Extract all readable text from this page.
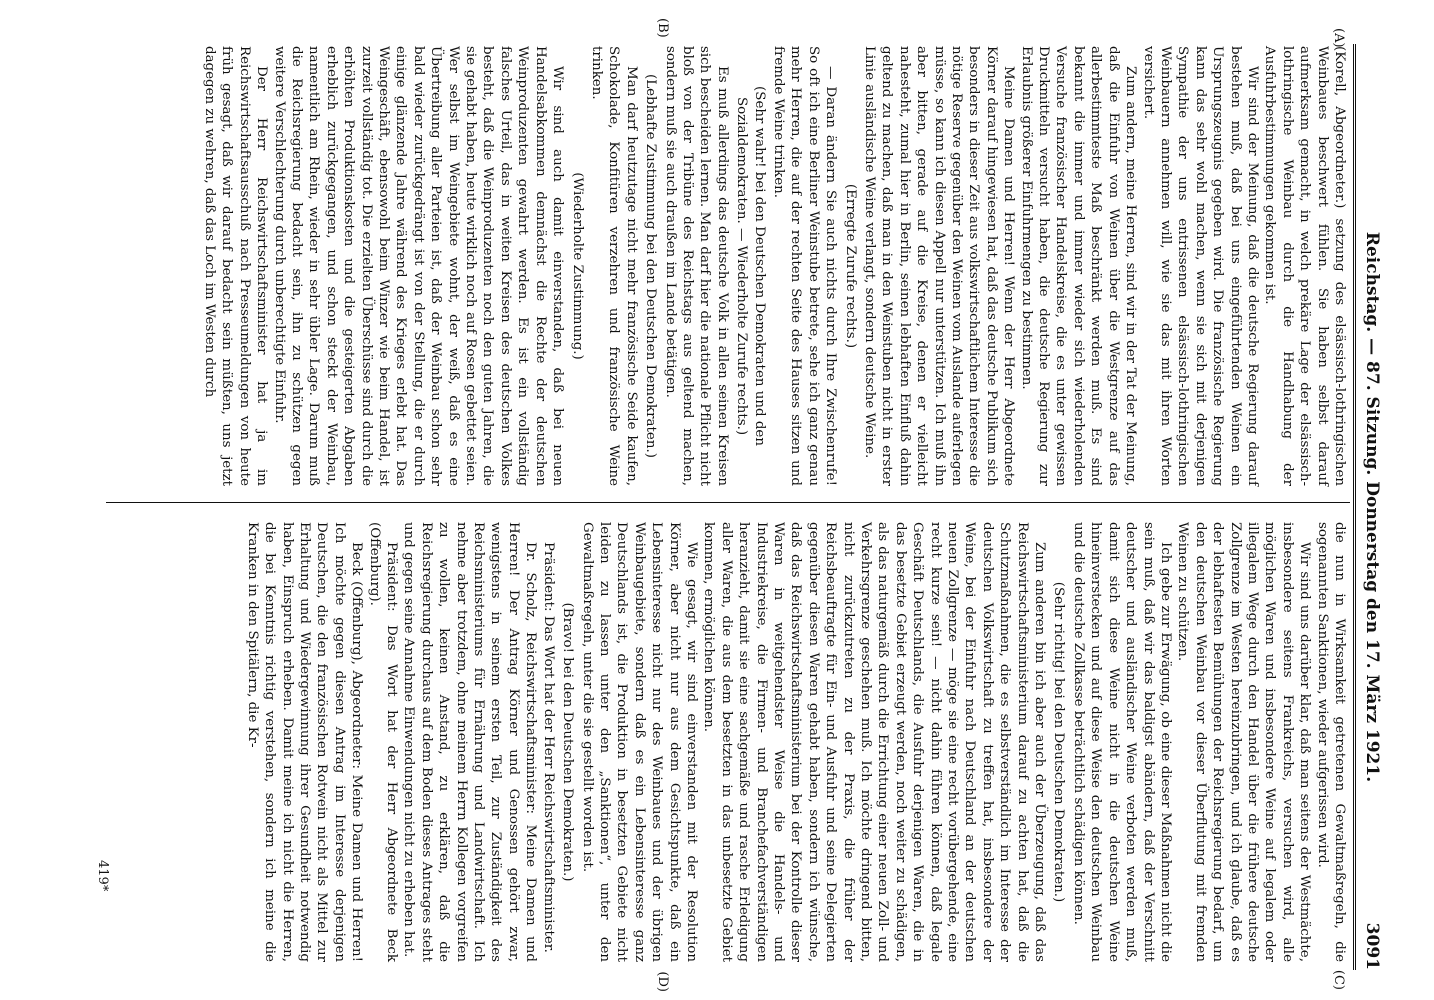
Reichstag. — 87. Sitzung. Donnerstag den 17. März 1921.
3091
(A)
(B)
(C)
(D)

(Korell, Abgeordneter.) setzung des elsässisch-lothringischen Weinbaues beschwert fühlen. Sie haben selbst darauf aufmerksam gemacht, in welch prekäre Lage der elsässisch-lothringische Weinbau durch die Handhabung der Ausfuhrbestimmungen gekommen ist.

Wir sind der Meinung, daß die deutsche Regierung darauf bestehen muß, daß bei uns eingeführtenden Weinen ein Ursprungszeugnis gegeben wird. Die französische Regierung kann das sehr wohl machen, wenn sie sich mit derjenigen Sympathie der uns entrissenen elsässisch-lothringischen Weinbauern annehmen will, wie sie das mit ihren Worten versichert.

Zum andern, meine Herren, sind wir in der Tat der Meinung, daß die Einfuhr von Weinen über die Westgrenze auf das allerbestimmteste Maß beschränkt werden muß. Es sind bekannt die immer und immer wieder sich wiederholenden Versuche französischer Handelskreise, die es unter gewissen Druckmitteln versucht haben, die deutsche Regierung zur Erlaubnis größerer Einfuhrmengen zu bestimmen.

Meine Damen und Herren! Wenn der Herr Abgeordnete Körner darauf hingewiesen hat, daß das deutsche Publikum sich besonders in dieser Zeit aus volkswirtschaftlichem Interesse die nötige Reserve gegenüber den Weinen vom Auslande auferlegen müsse, so kann ich diesen Appell nur unterstützen. Ich muß ihn aber bitten, gerade auf die Kreise, denen er vielleicht nahesteht, zumal hier in Berlin, seinen lebhaften Einfluß dahin geltend zu machen, daß man in den Weinstuben nicht in erster Linie ausländische Weine verlangt, sondern deutsche Weine.

(Erregte Zurufe rechts.)

— Daran ändern Sie auch nichts durch Ihre Zwischenrufe! So oft ich eine Berliner Weinstube betrete, sehe ich ganz genau mehr Herren, die auf der rechten Seite des Hauses sitzen und fremde Weine trinken.

(Sehr wahr! bei den Deutschen Demokraten und den Sozialdemokraten. — Wiederholte Zurufe rechts.)

Es muß allerdings das deutsche Volk in allen seinen Kreisen sich bescheiden lernen. Man darf hier die nationale Pflicht nicht bloß von der Tribüne des Reichstags aus geltend machen, sondern muß sie auch draußen im Lande betätigen.

(Lebhafte Zustimmung bei den Deutschen Demokraten.)

Man darf heutzutage nicht mehr französische Seide kaufen, Schokolade, Konfitüren verzehren und französische Weine trinken.

(Wiederholte Zustimmung.)

Wir sind auch damit einverstanden, daß bei neuen Handelsabkommen demnächst die Rechte der deutschen Weinproduzenten gewahrt werden. Es ist ein vollständig falsches Urteil, das in weiten Kreisen des deutschen Volkes besteht, daß die Weinproduzenten noch den guten Jahren, die sie gehabt haben, heute wirklich noch auf Rosen gebettet seien. Wer selbst im Weingebiete wohnt, der weiß, daß es eine Übertreibung aller Parteien ist, daß der Weinbau schon sehr bald wieder zurückgedrängt ist von der Stellung, die er durch einige glänzende Jahre während des Krieges erlebt hat. Das Weingeschäft, ebensowohl beim Winzer wie beim Handel, ist zurzeit vollständig tot. Die erzielten Überschüsse sind durch die erhöhten Produktionskosten und die gesteigerten Abgaben erheblich zurückgegangen, und schon steckt der Weinbau, namentlich am Rhein, wieder in sehr übler Lage. Darum muß die Reichsregierung bedacht sein, ihn zu schützen gegen weitere Verschlechterung durch unberechtigte Einfuhr.

Der Herr Reichswirtschaftsminister hat ja im Reichswirtschaftsausschuß nach Presseumeldungen von heute früh gesagt, daß wir darauf bedacht sein müßten, uns jetzt dagegen zu wehren, daß das Loch im Westen durch

die nun in Wirksamkeit getretenen Gewaltmaßregeln, die sogenannten Sanktionen, wieder aufgerissen wird.

Wir sind uns darüber klar, daß man seitens der Westmächte, insbesondere seitens Frankreichs, versuchen wird, alle möglichen Waren und insbesondere Weine auf legalem oder illegalem Wege durch den Handel über die frühere deutsche Zollgrenze im Westen hereinzubringen, und ich glaube, daß es der lebhaftesten Bemühungen der Reichsregierung bedarf, um den deutschen Weinbau vor dieser Überflutung mit fremden Weinen zu schützen.

Ich gebe zur Erwägung, ob eine dieser Maßnahmen nicht die sein muß, daß wir das baldigst abändern, daß der Verschnitt deutscher und ausländischer Weine verboten werden muß, damit sich diese Weine nicht in die deutschen Weine hineinverstecken und auf diese Weise den deutschen Weinbau und die deutsche Zollkasse beträchtlich schädigen können.

(Sehr richtig! bei den Deutschen Demokraten.)

Zum anderen bin ich aber auch der Überzeugung, daß das Reichswirtschaftsministerium darauf zu achten hat, daß die Schutzmaßnahmen, die es selbstverständlich im Interesse der deutschen Volkswirtschaft zu treffen hat, insbesondere der Weine, bei der Einfuhr nach Deutschland an der deutschen neuen Zollgrenze — möge sie eine recht vorübergehende, eine recht kurze sein! — nicht dahin führen können, daß legale Geschäft Deutschlands, die Ausfuhr derjenigen Waren, die in das besetzte Gebiet erzeugt werden, noch weiter zu schädigen, als das naturgemäß durch die Errichtung einer neuen Zoll- und Verkehrsgrenze geschehen muß. Ich möchte dringend bitten, nicht zurückzutreten zu der Praxis, die früher der Reichsbeauftragte für Ein- und Ausfuhr und seine Delegierten gegenüber diesen Waren gehabt haben, sondern ich wünsche, daß das Reichswirtschaftsministerium bei der Kontrolle dieser Waren in weitgehendster Weise die Handels- und Industriekreise, die Firmen- und Branchefachverständigen heranzieht, damit sie eine sachgemäße und rasche Erledigung aller Waren, die aus dem besetzten in das unbesetzte Gebiet kommen, ermöglichen können.

Wie gesagt, wir sind einverstanden mit der Resolution Körner, aber nicht nur aus dem Gesichtspunkte, daß ein Lebensinteresse nicht nur des Weinbaues und der übrigen Weinbaugebiete, sondern daß es ein Lebensinteresse ganz Deutschlands ist, die Produktion in besetzten Gebiete nicht leiden zu lassen unter den „Sanktionen“, unter den Gewaltmaßregeln, unter die sie gestellt worden ist.

(Bravo! bei den Deutschen Demokraten.)

Präsident: Das Wort hat der Herr Reichswirtschaftsminister.

Dr. Scholz, Reichswirtschaftsminister: Meine Damen und Herren! Der Antrag Körner und Genossen gehört zwar, wenigstens in seinem ersten Teil, zur Zuständigkeit des Reichsministeriums für Ernährung und Landwirtschaft. Ich nehme aber trotzdem, ohne meinem Herrn Kollegen vorgreifen zu wollen, keinen Anstand, zu erklären, daß die Reichsregierung durchaus auf dem Boden dieses Antrages steht und gegen seine Annahme Einwendungen nicht zu erheben hat.

Präsident: Das Wort hat der Herr Abgeordnete Beck (Offenburg).

Beck (Offenburg), Abgeordneter: Meine Damen und Herren! Ich möchte gegen diesen Antrag im Interesse derjenigen Deutschen, die den französischen Rotwein nicht als Mittel zur Erhaltung und Wiedergewinnung ihrer Gesundheit notwendig haben, Einspruch erheben. Damit meine ich nicht die Herren, die bei Kenntnis richtig verstehen, sondern ich meine die Kranken in den Spitälern, die Kr-

419*
